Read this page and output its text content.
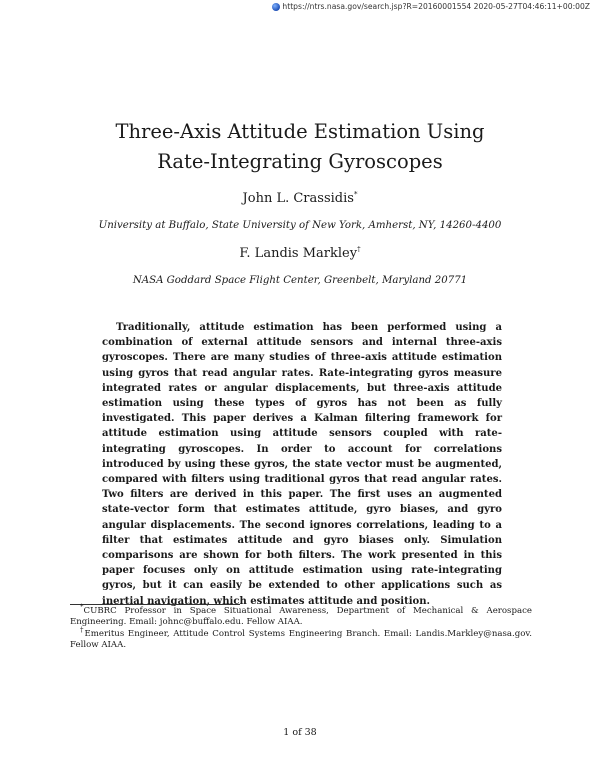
https://ntrs.nasa.gov/search.jsp?R=20160001554 2020-05-27T04:46:11+00:00Z
Three-Axis Attitude Estimation Using
Rate-Integrating Gyroscopes
John L. Crassidis*
University at Buffalo, State University of New York, Amherst, NY, 14260-4400
F. Landis Markley†
NASA Goddard Space Flight Center, Greenbelt, Maryland 20771

Traditionally, attitude estimation has been performed using a combination of external attitude sensors and internal three-axis gyroscopes. There are many studies of three-axis attitude estimation using gyros that read angular rates. Rate-integrating gyros measure integrated rates or angular displacements, but three-axis attitude estimation using these types of gyros has not been as fully investigated. This paper derives a Kalman filtering framework for attitude estimation using attitude sensors coupled with rate-integrating gyroscopes. In order to account for correlations introduced by using these gyros, the state vector must be augmented, compared with filters using traditional gyros that read angular rates. Two filters are derived in this paper. The first uses an augmented state-vector form that estimates attitude, gyro biases, and gyro angular displacements. The second ignores correlations, leading to a filter that estimates attitude and gyro biases only. Simulation comparisons are shown for both filters. The work presented in this paper focuses only on attitude estimation using rate-integrating gyros, but it can easily be extended to other applications such as inertial navigation, which estimates attitude and position.

*CUBRC Professor in Space Situational Awareness, Department of Mechanical & Aerospace Engineering. Email: johnc@buffalo.edu. Fellow AIAA.

†Emeritus Engineer, Attitude Control Systems Engineering Branch. Email: Landis.Markley@nasa.gov. Fellow AIAA.

1 of 38
